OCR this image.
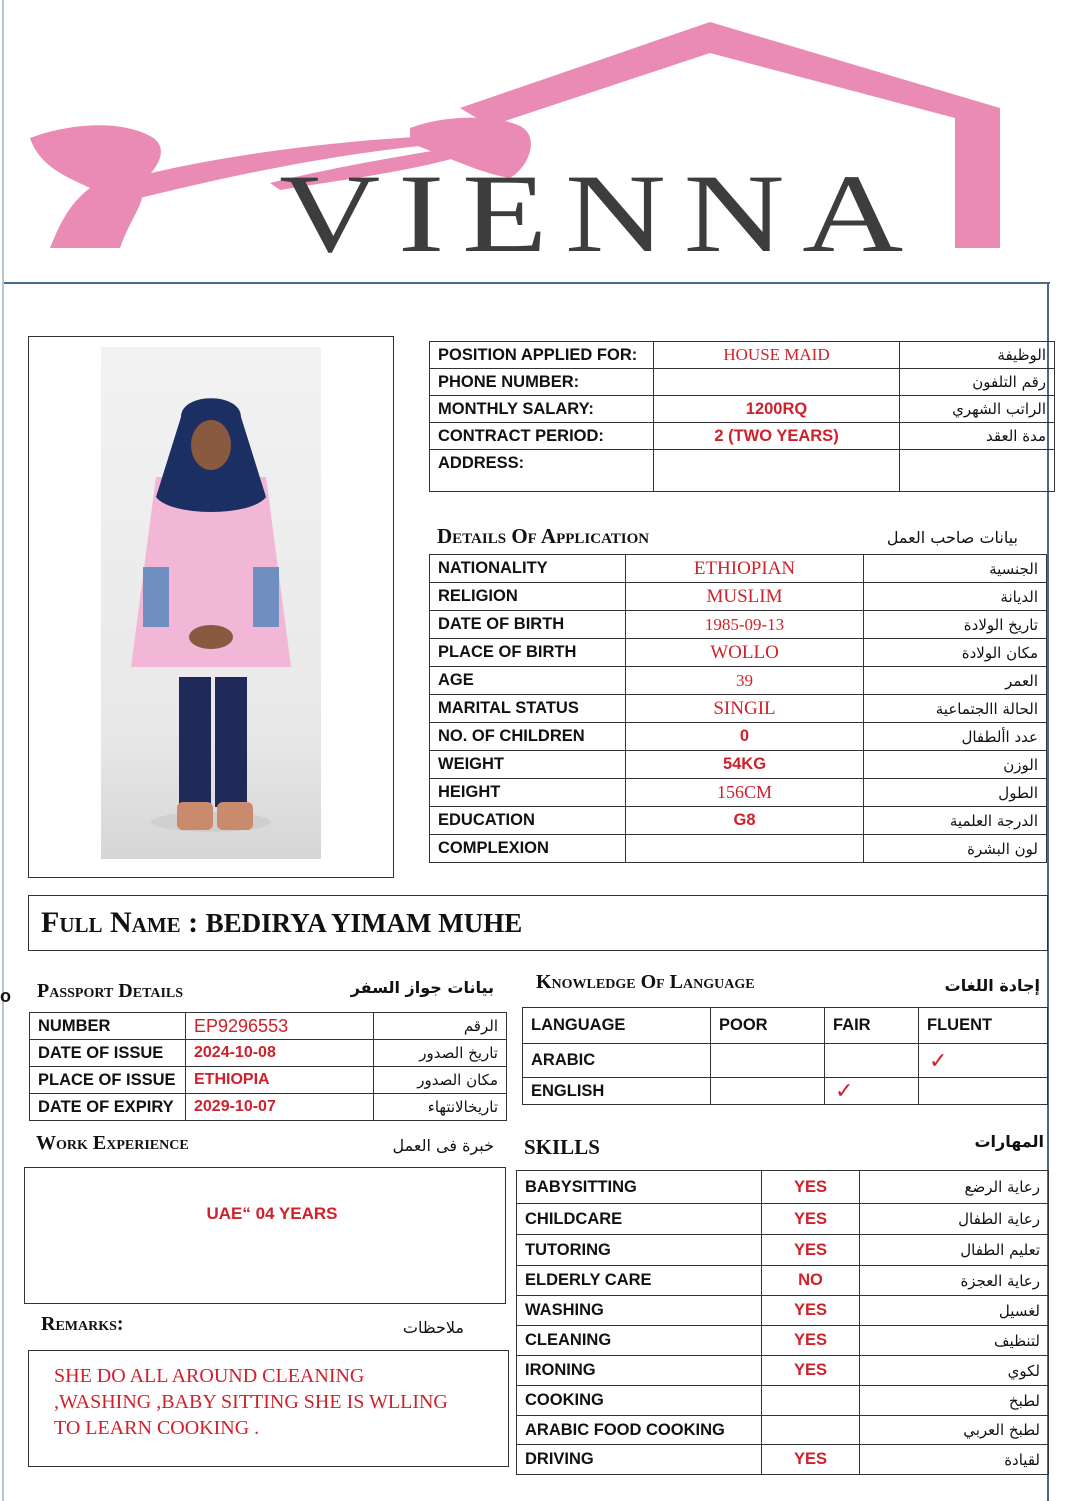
VIENNA
o
POSITION APPLIED FOR:	HOUSE MAID	الوظيفة
PHONE NUMBER:		رقم التلفون
MONTHLY SALARY:	1200RQ	الراتب الشهري
CONTRACT PERIOD:	2 (TWO YEARS)	مدة العقد
ADDRESS:		
Details Of Application	بيانات صاحب العمل
NATIONALITY	ETHIOPIAN	الجنسية
RELIGION	MUSLIM	الديانة
DATE OF BIRTH	1985-09-13	تاريخ الولادة
PLACE OF BIRTH	WOLLO	مكان الولادة
AGE	39	العمر
MARITAL STATUS	SINGIL	الحالة االجتماعية
NO. OF CHILDREN	0	عدد األطفال
WEIGHT	54KG	الوزن
HEIGHT	156CM	الطول
EDUCATION	G8	الدرجة العلمية
COMPLEXION		لون البشرة
Full Name : BEDIRYA YIMAM MUHE
Passport Details	بيانات جواز السفر
NUMBER	EP9296553	الرقم
DATE OF ISSUE	2024-10-08	تاريخ الصدور
PLACE OF ISSUE	ETHIOPIA	مكان الصدور
DATE OF EXPIRY	2029-10-07	تاريخالانتهاء
Knowledge Of Language	إجادة اللغات
LANGUAGE	POOR	FAIR	FLUENT
ARABIC			✓
ENGLISH		✓	
Work Experience	خبرة فى العمل
UAE“ 04 YEARS
Remarks:	ملاحظات
SHE DO ALL AROUND CLEANING
,WASHING ,BABY SITTING SHE IS WLLING
TO LEARN COOKING .
SKILLS	المهارات
BABYSITTING	YES	رعاية الرضع
CHILDCARE	YES	رعاية الطفال
TUTORING	YES	تعليم الطفال
ELDERLY CARE	NO	رعاية العجزة
WASHING	YES	لغسيل
CLEANING	YES	لتنظيف
IRONING	YES	لكوي
COOKING		لطبخ
ARABIC FOOD COOKING		لطبخ العربي
DRIVING	YES	لقيادة
